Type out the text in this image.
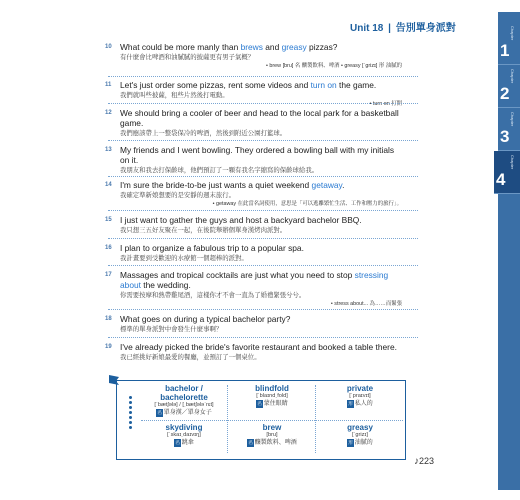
Unit 18 | 告別單身派對	Chapter
1
Chapter
2
Chapter
3
Chapter
4
10 What could be more manly than brews and greasy pizzas?
有什麼會比啤酒和油膩膩的披薩更有男子氣概？
• brew [bru] 名 釀製飲料、啤酒 • greasy [ˈgrizɪ] 形 油膩的
11	Let's just order some pizzas, rent some videos and turn on the game.
我們就叫些披薩，租些片然後打電動。
• turn on 打開
12 We should bring a cooler of beer and head to the local park for a basketball game.
我們應該帶上一整袋保冷的啤酒，然後到附近公園打籃球。
13 My friends and I went bowling. They ordered a bowling ball with my initials on it.
我朋友和我去打保齡球，他們預訂了一顆有我名字縮寫的保齡球給我。
14 I'm sure the bride-to-be just wants a quiet weekend getaway.
我確定準新娘想要的是安靜的週末旅行。
• getaway 在此當名詞使用，意思是「可以逃離繁忙生活、工作和壓力的旅行」。
15 I just want to gather the guys and host a backyard bachelor BBQ.
我只想三五好友聚在一起，在後院舉辦個單身漢烤肉派對。
16 I plan to organize a fabulous trip to a popular spa.
我計畫要到受歡迎的水療館一個超棒的派對。
17 Massages and tropical cocktails are just what you need to stop stressing about the wedding.
你需要按摩和熱帶雞尾酒，這樣你才不會一直為了婚禮緊張兮兮。
• stress about... 為……而緊張
18 What goes on during a typical bachelor party?
標準的單身派對中會發生什麼事啊？
19 I've already picked the bride's favorite restaurant and booked a table there.
我已經挑好新娘最愛的餐廳，並預訂了一個桌位。
bachelor / bachelorette
[ˈbætʃələ] / [ˌbætʃələˈrɛt]
名 單身漢／單身女子
blindfold
[ˈblaɪnd͵fold]
名 蒙住眼睛
private
[ˈpraɪvɪt]
形 私人的
skydiving
[ˈskaɪ͵daɪvɪŋ]
名 跳傘
brew
[bru]
名 釀製飲料、啤酒
greasy
[ˈgrizɪ]
形 油膩的
♪223
